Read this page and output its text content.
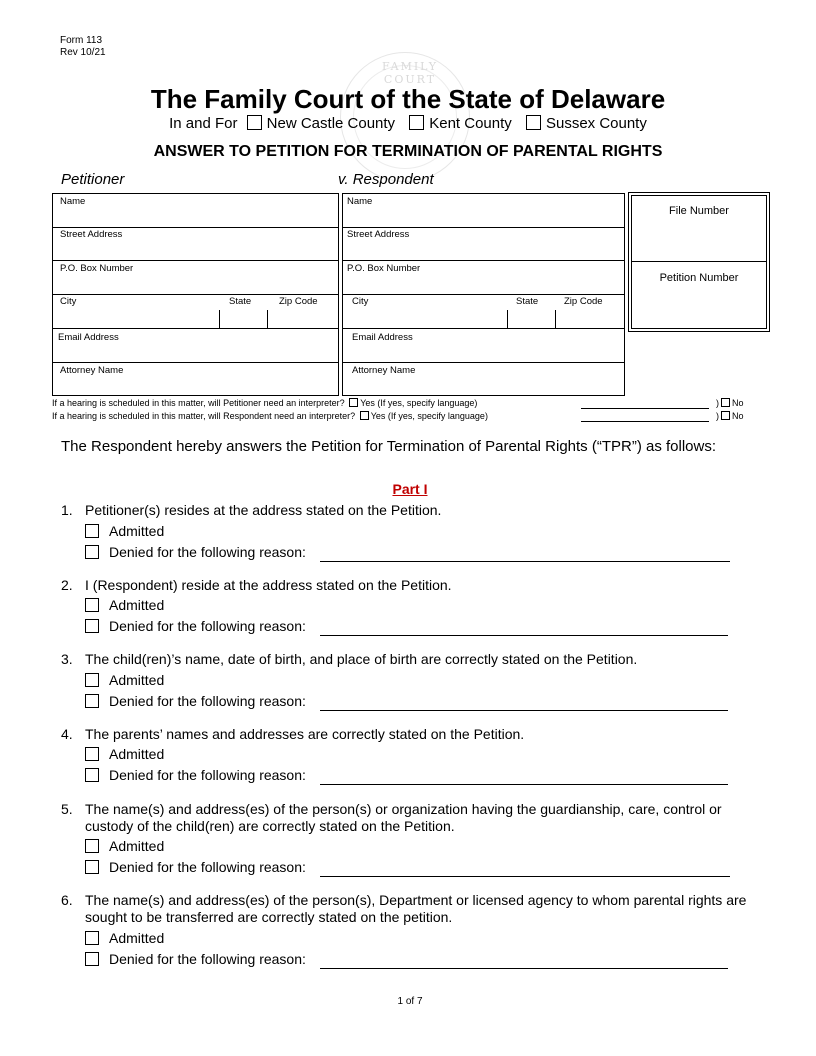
FAMILY COURT
Form 113
Rev 10/21
The Family Court of the State of Delaware
In and For New Castle County Kent County Sussex County
ANSWER TO PETITION FOR TERMINATION OF PARENTAL RIGHTS
Petitioner	v. Respondent
Name
Street Address
P.O. Box Number
City	State	Zip Code
Email Address
Attorney Name
Name
Street Address
P.O. Box Number
City	State	Zip Code
Email Address
Attorney Name
File Number
Petition Number
If a hearing is scheduled in this matter, will Petitioner need an interpreter? Yes (If yes, specify language)	) No
If a hearing is scheduled in this matter, will Respondent need an interpreter? Yes (If yes, specify language)	) No
The Respondent hereby answers the Petition for Termination of Parental Rights (“TPR”) as follows:
Part I
1. Petitioner(s) resides at the address stated on the Petition.
Admitted
Denied for the following reason:
2. I (Respondent) reside at the address stated on the Petition.
Admitted
Denied for the following reason:
3. The child(ren)’s name, date of birth, and place of birth are correctly stated on the Petition.
Admitted
Denied for the following reason:
4. The parents’ names and addresses are correctly stated on the Petition.
Admitted
Denied for the following reason:
5. The name(s) and address(es) of the person(s) or organization having the guardianship, care, control or custody of the child(ren) are correctly stated on the Petition.
Admitted
Denied for the following reason:
6. The name(s) and address(es) of the person(s), Department or licensed agency to whom parental rights are sought to be transferred are correctly stated on the petition.
Admitted
Denied for the following reason:
1 of 7
